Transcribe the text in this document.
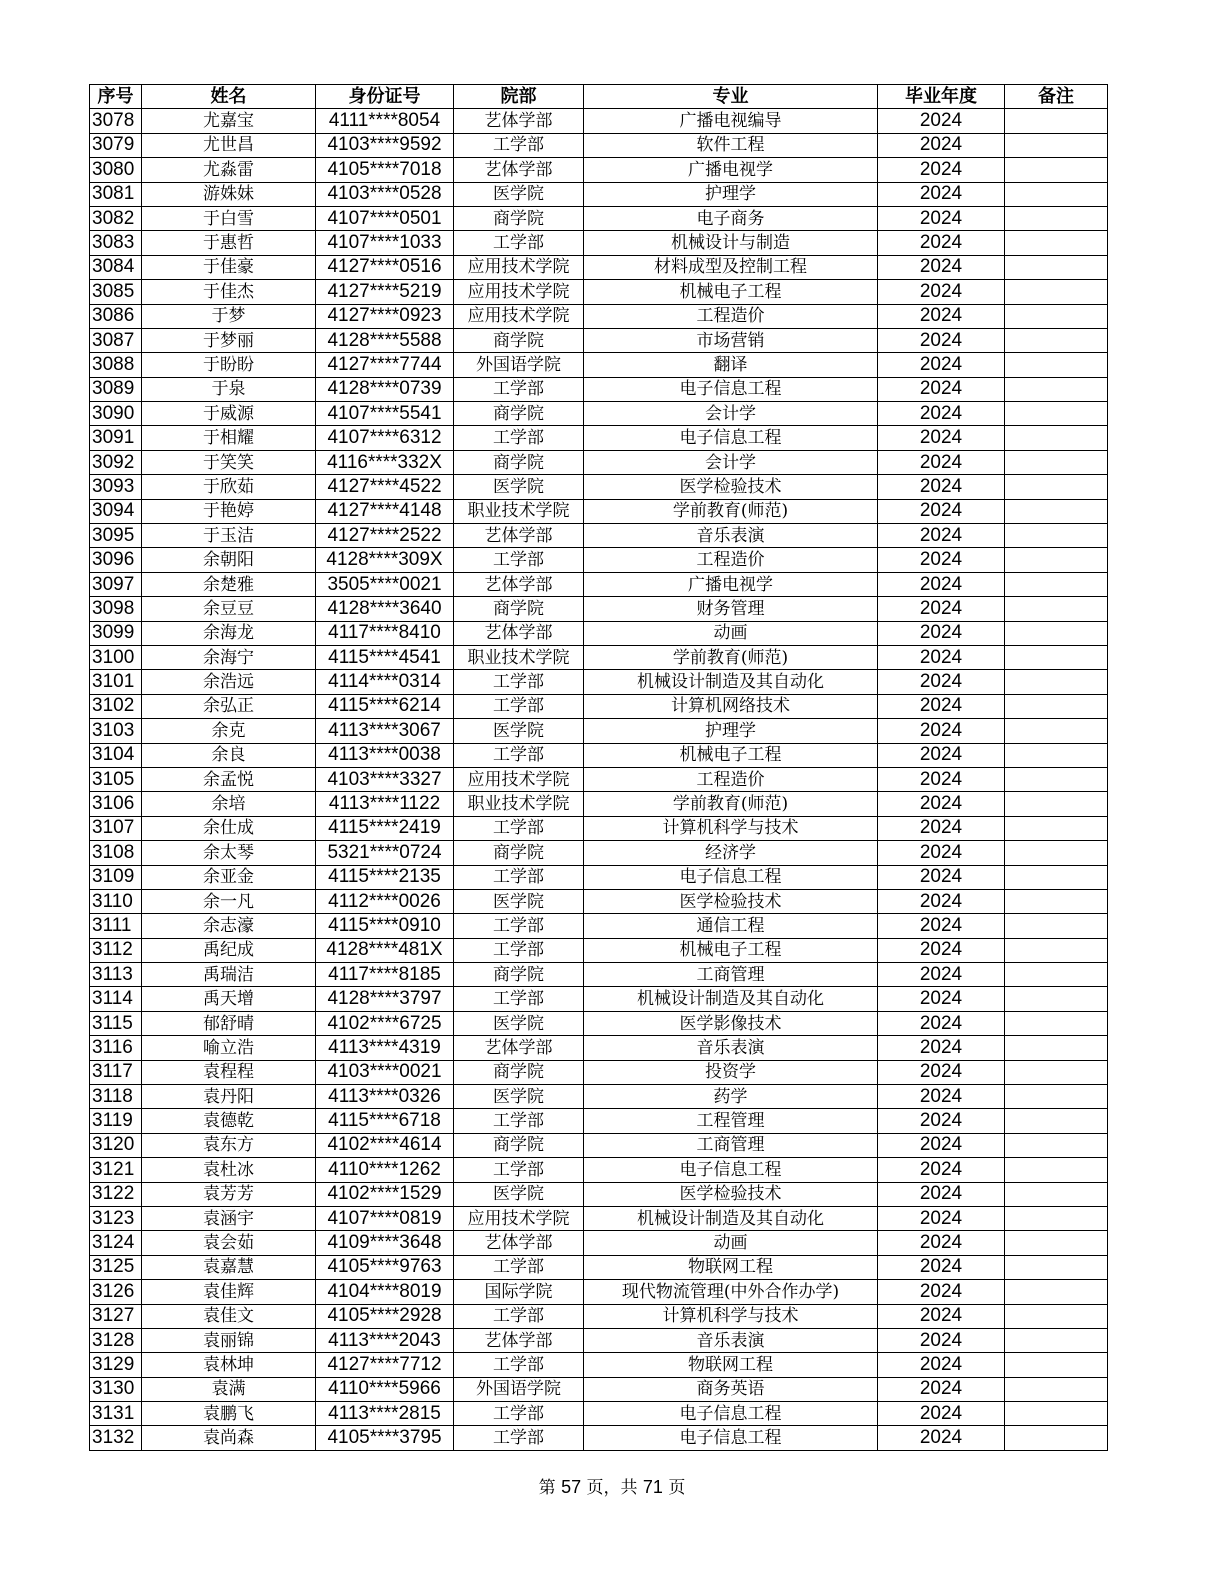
序号	姓名	身份证号	院部	专业	毕业年度	备注
3078	尤嘉宝	4111****8054	艺体学部	广播电视编导	2024	
3079	尤世昌	4103****9592	工学部	软件工程	2024	
3080	尤淼雷	4105****7018	艺体学部	广播电视学	2024	
3081	游姝妹	4103****0528	医学院	护理学	2024	
3082	于白雪	4107****0501	商学院	电子商务	2024	
3083	于惠哲	4107****1033	工学部	机械设计与制造	2024	
3084	于佳豪	4127****0516	应用技术学院	材料成型及控制工程	2024	
3085	于佳杰	4127****5219	应用技术学院	机械电子工程	2024	
3086	于梦	4127****0923	应用技术学院	工程造价	2024	
3087	于梦丽	4128****5588	商学院	市场营销	2024	
3088	于盼盼	4127****7744	外国语学院	翻译	2024	
3089	于泉	4128****0739	工学部	电子信息工程	2024	
3090	于威源	4107****5541	商学院	会计学	2024	
3091	于相耀	4107****6312	工学部	电子信息工程	2024	
3092	于笑笑	4116****332X	商学院	会计学	2024	
3093	于欣茹	4127****4522	医学院	医学检验技术	2024	
3094	于艳婷	4127****4148	职业技术学院	学前教育(师范)	2024	
3095	于玉洁	4127****2522	艺体学部	音乐表演	2024	
3096	余朝阳	4128****309X	工学部	工程造价	2024	
3097	余楚雅	3505****0021	艺体学部	广播电视学	2024	
3098	余豆豆	4128****3640	商学院	财务管理	2024	
3099	余海龙	4117****8410	艺体学部	动画	2024	
3100	余海宁	4115****4541	职业技术学院	学前教育(师范)	2024	
3101	余浩远	4114****0314	工学部	机械设计制造及其自动化	2024	
3102	余弘正	4115****6214	工学部	计算机网络技术	2024	
3103	余克	4113****3067	医学院	护理学	2024	
3104	余良	4113****0038	工学部	机械电子工程	2024	
3105	余孟悦	4103****3327	应用技术学院	工程造价	2024	
3106	余培	4113****1122	职业技术学院	学前教育(师范)	2024	
3107	余仕成	4115****2419	工学部	计算机科学与技术	2024	
3108	余太琴	5321****0724	商学院	经济学	2024	
3109	余亚金	4115****2135	工学部	电子信息工程	2024	
3110	余一凡	4112****0026	医学院	医学检验技术	2024	
3111	余志濠	4115****0910	工学部	通信工程	2024	
3112	禹纪成	4128****481X	工学部	机械电子工程	2024	
3113	禹瑞洁	4117****8185	商学院	工商管理	2024	
3114	禹天增	4128****3797	工学部	机械设计制造及其自动化	2024	
3115	郁舒晴	4102****6725	医学院	医学影像技术	2024	
3116	喻立浩	4113****4319	艺体学部	音乐表演	2024	
3117	袁程程	4103****0021	商学院	投资学	2024	
3118	袁丹阳	4113****0326	医学院	药学	2024	
3119	袁德乾	4115****6718	工学部	工程管理	2024	
3120	袁东方	4102****4614	商学院	工商管理	2024	
3121	袁杜冰	4110****1262	工学部	电子信息工程	2024	
3122	袁芳芳	4102****1529	医学院	医学检验技术	2024	
3123	袁涵宇	4107****0819	应用技术学院	机械设计制造及其自动化	2024	
3124	袁会茹	4109****3648	艺体学部	动画	2024	
3125	袁嘉慧	4105****9763	工学部	物联网工程	2024	
3126	袁佳辉	4104****8019	国际学院	现代物流管理(中外合作办学)	2024	
3127	袁佳文	4105****2928	工学部	计算机科学与技术	2024	
3128	袁丽锦	4113****2043	艺体学部	音乐表演	2024	
3129	袁林坤	4127****7712	工学部	物联网工程	2024	
3130	袁满	4110****5966	外国语学院	商务英语	2024	
3131	袁鹏飞	4113****2815	工学部	电子信息工程	2024	
3132	袁尚森	4105****3795	工学部	电子信息工程	2024	
第 57 页，共 71 页
